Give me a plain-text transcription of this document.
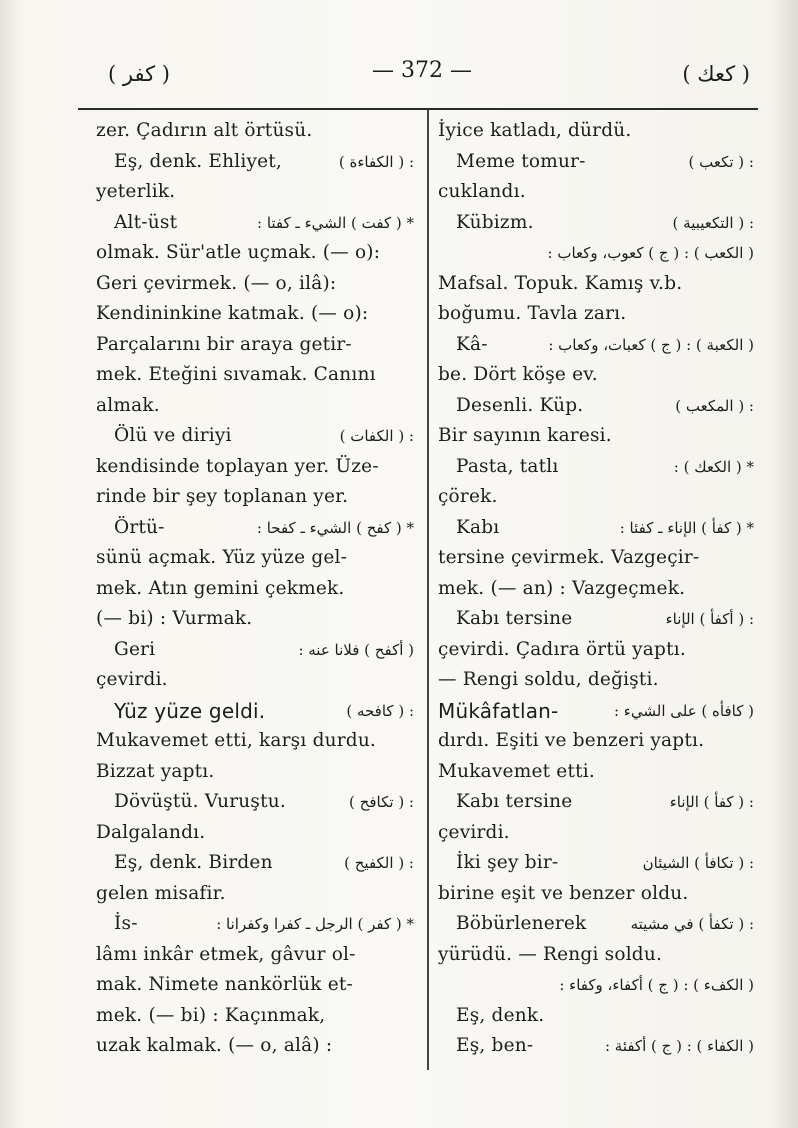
( كفر )	— 372 —	( كعك )
zer. Çadırın alt örtüsü.
Eş, denk. Ehliyet,	: ( الكفاءة )
yeterlik.
Alt-üst	* ( كفت ) الشيء ـ كفتا :
olmak. Sür'atle uçmak. (— o):
Geri çevirmek. (— o, ilâ):
Kendininkine katmak. (— o):
Parçalarını bir araya getir-
mek. Eteğini sıvamak. Canını
almak.
Ölü ve diriyi	: ( الكفات )
kendisinde toplayan yer. Üze-
rinde bir şey toplanan yer.
Örtü-	* ( كفح ) الشيء ـ كفحا :
sünü açmak. Yüz yüze gel-
mek. Atın gemini çekmek.
(— bi) : Vurmak.
Geri	( أكفح ) فلانا عنه :
çevirdi.
Yüz yüze geldi.	: ( كافحه )
Mukavemet etti, karşı durdu.
Bizzat yaptı.
Dövüştü. Vuruştu.	: ( تكافح )
Dalgalandı.
Eş, denk. Birden	: ( الكفيح )
gelen misafir.
İs-	* ( كفر ) الرجل ـ كفرا وكفرانا :
lâmı inkâr etmek, gâvur ol-
mak. Nimete nankörlük et-
mek. (— bi) : Kaçınmak,
uzak kalmak. (— o, alâ) :
İyice katladı, dürdü.
Meme tomur-	: ( تكعب )
cuklandı.
Kübizm.	: ( التكعيبية )
( الكعب ) : ( ج ) كعوب، وكعاب :
Mafsal. Topuk. Kamış v.b.
boğumu. Tavla zarı.
Kâ-	( الكعبة ) : ( ج ) كعبات، وكعاب :
be. Dört köşe ev.
Desenli. Küp.	: ( المكعب )
Bir sayının karesi.
Pasta, tatlı	* ( الكعك ) :
çörek.
Kabı	* ( كفأ ) الإناء ـ كفئا :
tersine çevirmek. Vazgeçir-
mek. (— an) : Vazgeçmek.
Kabı tersine	: ( أكفأ ) الإناء
çevirdi. Çadıra örtü yaptı.
— Rengi soldu, değişti.
Mükâfatlan-	( كافأه ) على الشيء :
dırdı. Eşiti ve benzeri yaptı.
Mukavemet etti.
Kabı tersine	: ( كفأ ) الإناء
çevirdi.
İki şey bir-	: ( تكافأ ) الشيئان
birine eşit ve benzer oldu.
Böbürlenerek	: ( تكفأ ) في مشيته
yürüdü. — Rengi soldu.
( الكفء ) : ( ج ) أكفاء، وكفاء :
Eş, denk.
Eş, ben-	( الكفاء ) : ( ج ) أكفئة :
